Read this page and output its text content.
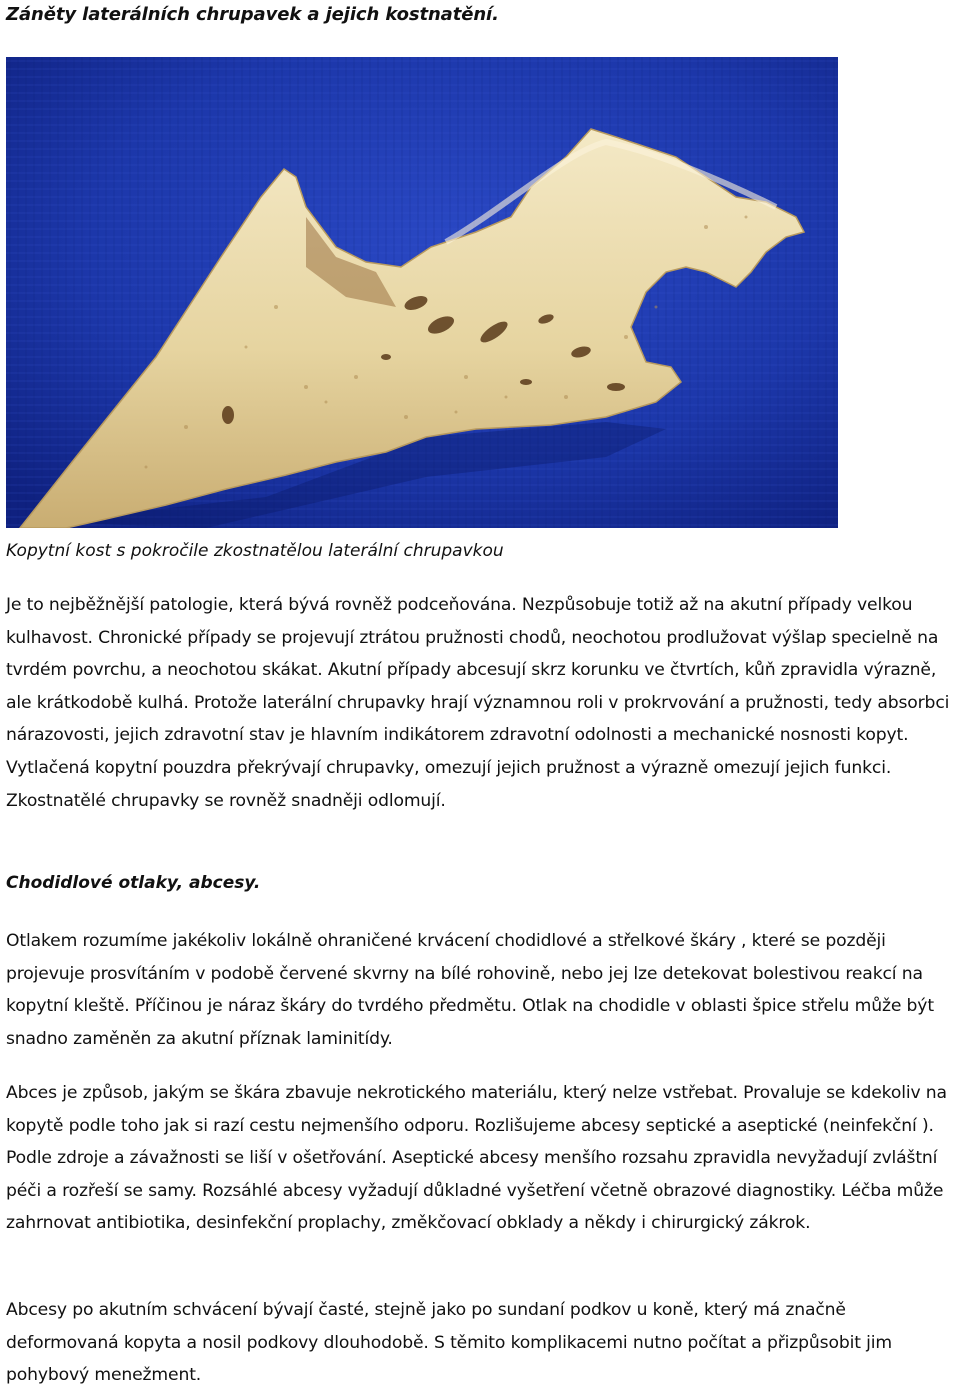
Záněty laterálních chrupavek a jejich kostnatění.

Kopytní kost s pokročile zkostnatělou laterální chrupavkou

Je to nejběžnější patologie, která bývá rovněž podceňována. Nezpůsobuje totiž až na akutní případy velkou kulhavost. Chronické případy se projevují ztrátou pružnosti chodů, neochotou prodlužovat výšlap specielně na tvrdém povrchu, a neochotou skákat. Akutní případy abcesují skrz korunku ve čtvrtích, kůň zpravidla výrazně, ale krátkodobě kulhá. Protože laterální chrupavky hrají významnou roli v prokrvování a pružnosti, tedy absorbci nárazovosti, jejich zdravotní stav je hlavním indikátorem zdravotní odolnosti a mechanické nosnosti kopyt. Vytlačená kopytní pouzdra překrývají chrupavky, omezují jejich pružnost a výrazně omezují jejich funkci. Zkostnatělé chrupavky se rovněž snadněji odlomují.

Chodidlové otlaky, abcesy.

Otlakem rozumíme jakékoliv lokálně ohraničené krvácení chodidlové a střelkové škáry , které se později projevuje prosvítáním v podobě červené skvrny na bílé rohovině, nebo jej lze detekovat bolestivou reakcí na kopytní kleště. Příčinou je náraz škáry do tvrdého předmětu. Otlak na chodidle v oblasti špice střelu může být snadno zaměněn za akutní příznak laminitídy.

Abces je způsob, jakým se škára zbavuje nekrotického materiálu, který nelze vstřebat. Provaluje se kdekoliv na kopytě podle toho jak si razí cestu nejmenšího odporu. Rozlišujeme abcesy septické a aseptické (neinfekční ). Podle zdroje a závažnosti se liší v ošetřování. Aseptické abcesy menšího rozsahu zpravidla nevyžadují zvláštní péči a rozřeší se samy. Rozsáhlé abcesy vyžadují důkladné vyšetření včetně obrazové diagnostiky. Léčba může zahrnovat antibiotika, desinfekční proplachy, změkčovací obklady a někdy i chirurgický zákrok.

Abcesy po akutním schvácení bývají časté, stejně jako po sundaní podkov u koně, který má značně deformovaná kopyta a nosil podkovy dlouhodobě. S těmito komplikacemi nutno počítat a přizpůsobit jim pohybový menežment.
